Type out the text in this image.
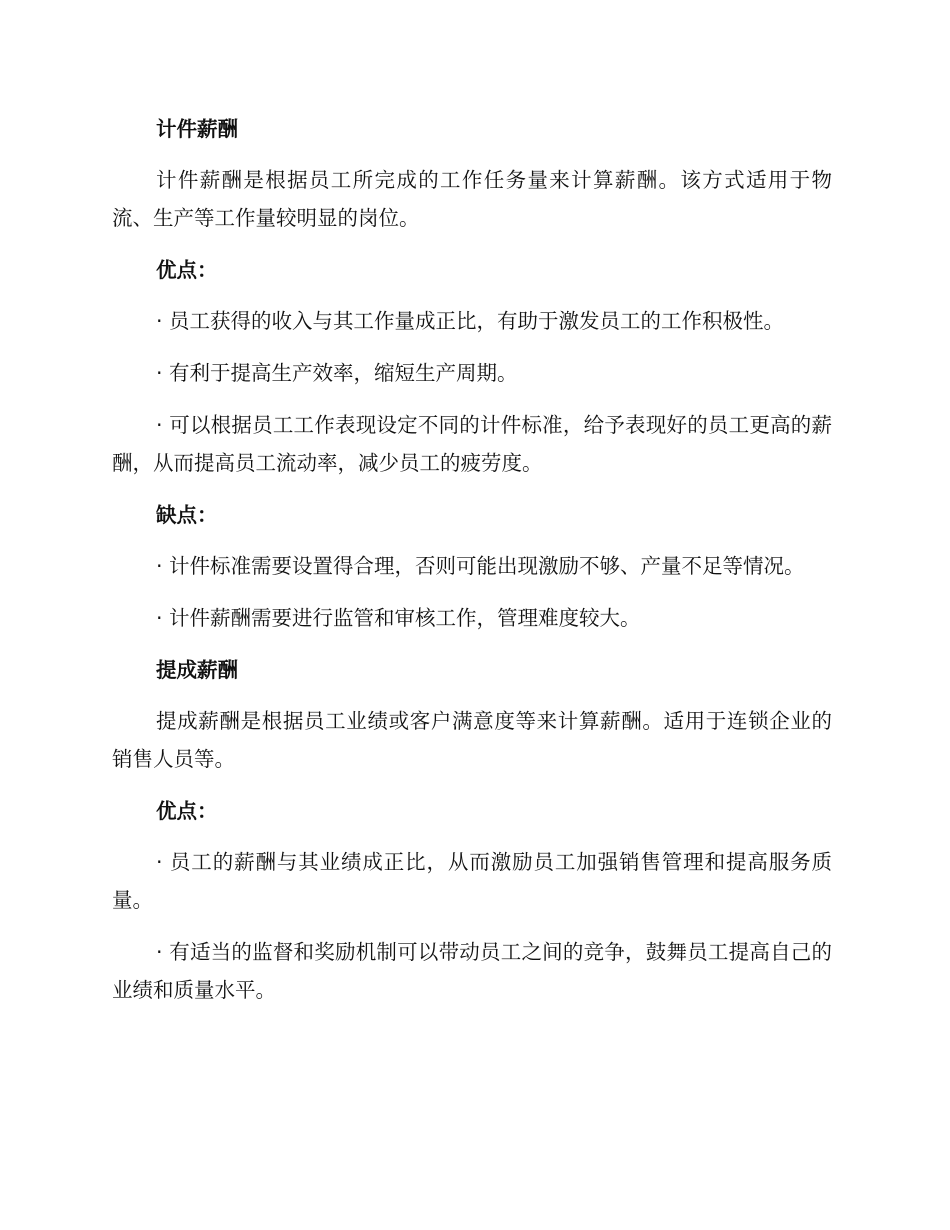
计件薪酬
计件薪酬是根据员工所完成的工作任务量来计算薪酬。该方式适用于物流、生产等工作量较明显的岗位。
优点：
· 员工获得的收入与其工作量成正比，有助于激发员工的工作积极性。
· 有利于提高生产效率，缩短生产周期。
· 可以根据员工工作表现设定不同的计件标准，给予表现好的员工更高的薪酬，从而提高员工流动率，减少员工的疲劳度。
缺点：
· 计件标准需要设置得合理，否则可能出现激励不够、产量不足等情况。
· 计件薪酬需要进行监管和审核工作，管理难度较大。
提成薪酬
提成薪酬是根据员工业绩或客户满意度等来计算薪酬。适用于连锁企业的销售人员等。
优点：
· 员工的薪酬与其业绩成正比，从而激励员工加强销售管理和提高服务质量。
· 有适当的监督和奖励机制可以带动员工之间的竞争，鼓舞员工提高自己的业绩和质量水平。
